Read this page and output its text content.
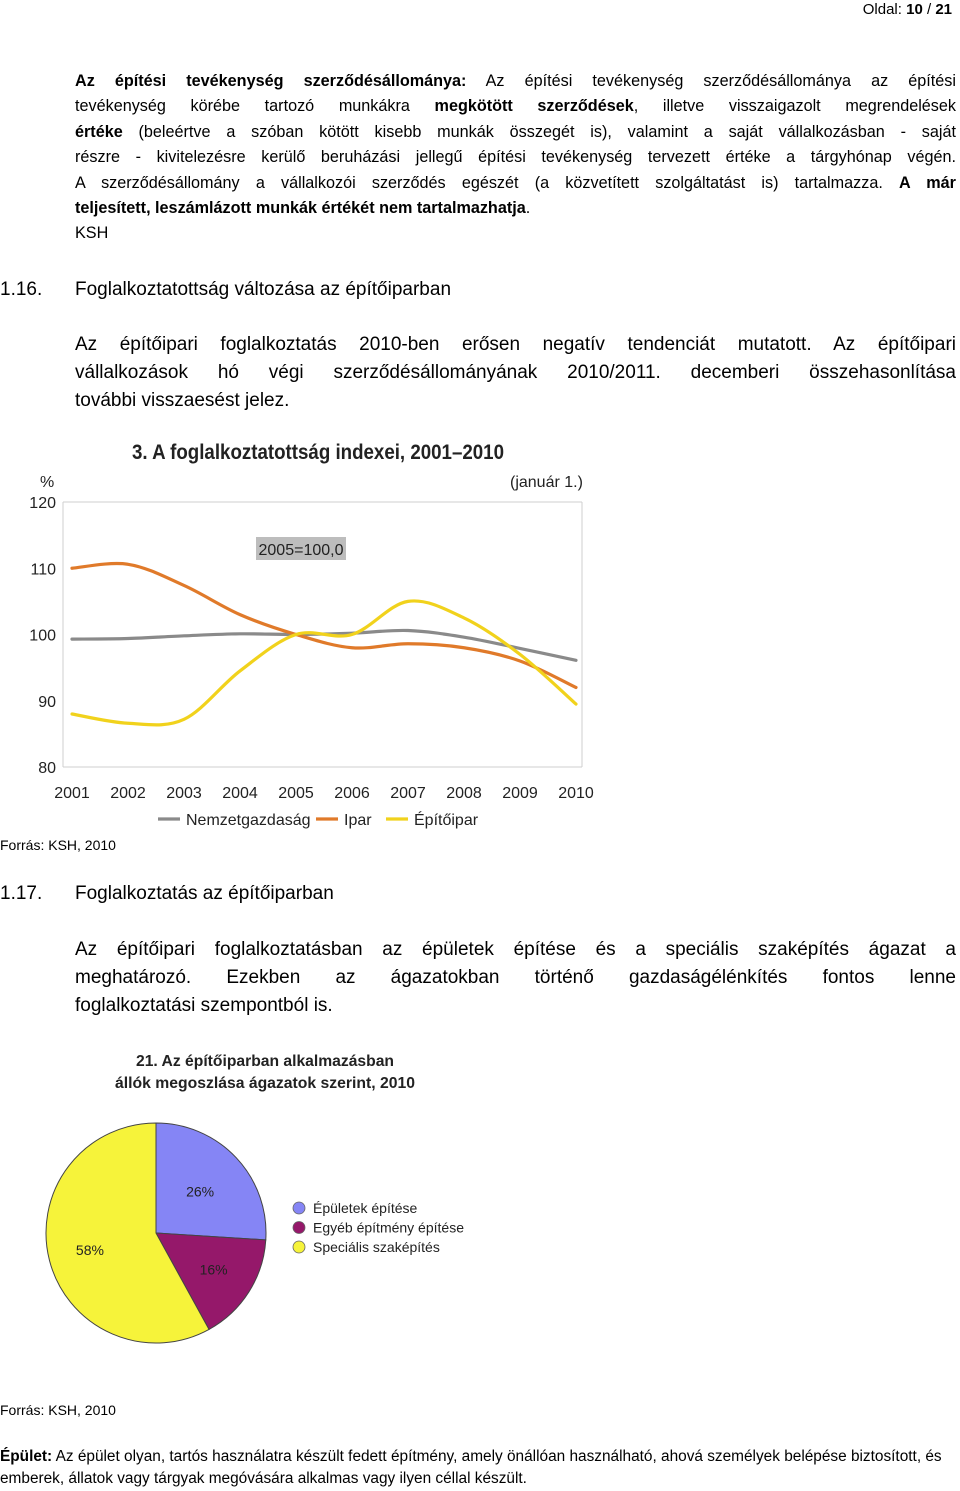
Oldal: 10 / 21
Az építési tevékenység szerződésállománya: Az építési tevékenység szerződésállománya az építési
tevékenység körébe tartozó munkákra megkötött szerződések, illetve visszaigazolt megrendelések
értéke (beleértve a szóban kötött kisebb munkák összegét is), valamint a saját vállalkozásban - saját
részre - kivitelezésre kerülő beruházási jellegű építési tevékenység tervezett értéke a tárgyhónap végén.
A szerződésállomány a vállalkozói szerződés egészét (a közvetített szolgáltatást is) tartalmazza. A már
teljesített, leszámlázott munkák értékét nem tartalmazhatja.
KSH
1.16. Foglalkoztatottság változása az építőiparban
Az építőipari foglalkoztatás 2010-ben erősen negatív tendenciát mutatott. Az építőipari
vállalkozások hó végi szerződésállományának 2010/2011. decemberi összehasonlítása
további visszaesést jelez.
3. A foglalkoztatottság indexei, 2001–2010
(január 1.)
%
80
90
100
110
120
2005=100,0
2001 2002 2003 2004 2005 2006 2007 2008 2009 2010
Nemzetgazdaság Ipar	Építőipar
Forrás: KSH, 2010
1.17. Foglalkoztatás az építőiparban
Az építőipari foglalkoztatásban az épületek építése és a speciális szaképítés ágazat a
meghatározó. Ezekben az ágazatokban történő gazdaságélénkítés fontos lenne
foglalkoztatási szempontból is.
21. Az építőiparban alkalmazásban
állók megoszlása ágazatok szerint, 2010
26%
16%
58%
Épületek építése
Egyéb építmény építése
Speciális szaképítés
Forrás: KSH, 2010
Épület: Az épület olyan, tartós használatra készült fedett építmény, amely önállóan használható, ahová személyek belépése biztosított, és emberek, állatok vagy tárgyak megóvására alkalmas vagy ilyen céllal készült.
